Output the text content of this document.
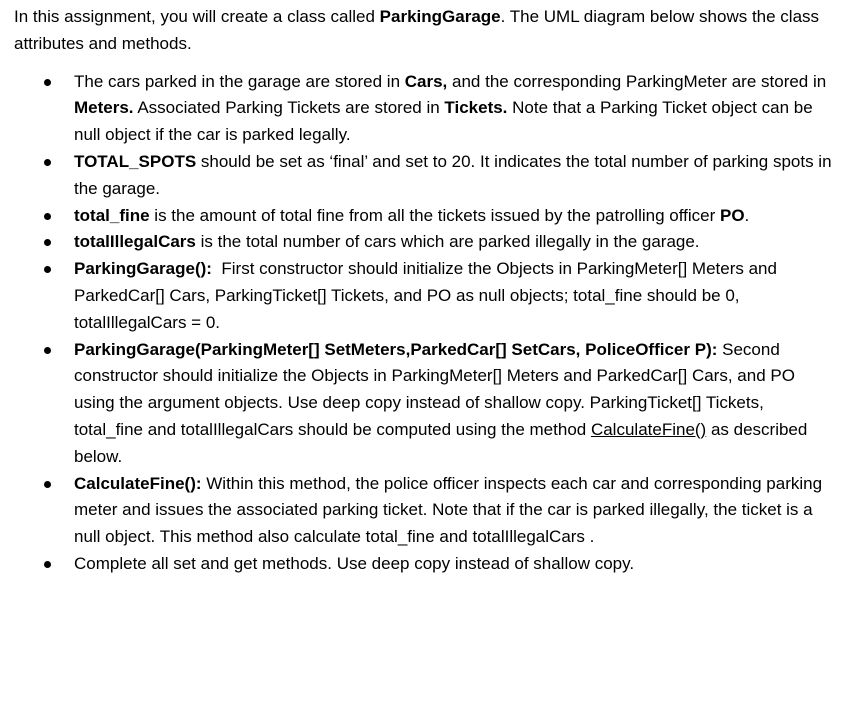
In this assignment, you will create a class called ParkingGarage. The UML diagram below shows the class attributes and methods.

The cars parked in the garage are stored in Cars, and the corresponding ParkingMeter are stored in Meters. Associated Parking Tickets are stored in Tickets. Note that a Parking Ticket object can be null object if the car is parked legally.
TOTAL_SPOTS should be set as ‘final’ and set to 20. It indicates the total number of parking spots in the garage.
total_fine is the amount of total fine from all the tickets issued by the patrolling officer PO.
totalIllegalCars is the total number of cars which are parked illegally in the garage.
ParkingGarage():  First constructor should initialize the Objects in ParkingMeter[] Meters and ParkedCar[] Cars, ParkingTicket[] Tickets, and PO as null objects; total_fine should be 0, totalIllegalCars = 0.
ParkingGarage(ParkingMeter[] SetMeters,ParkedCar[] SetCars, PoliceOfficer P): Second constructor should initialize the Objects in ParkingMeter[] Meters and ParkedCar[] Cars, and PO using the argument objects. Use deep copy instead of shallow copy. ParkingTicket[] Tickets, total_fine and totalIllegalCars should be computed using the method CalculateFine() as described below.
CalculateFine(): Within this method, the police officer inspects each car and corresponding parking meter and issues the associated parking ticket. Note that if the car is parked illegally, the ticket is a null object. This method also calculate total_fine and totalIllegalCars .
Complete all set and get methods. Use deep copy instead of shallow copy.
